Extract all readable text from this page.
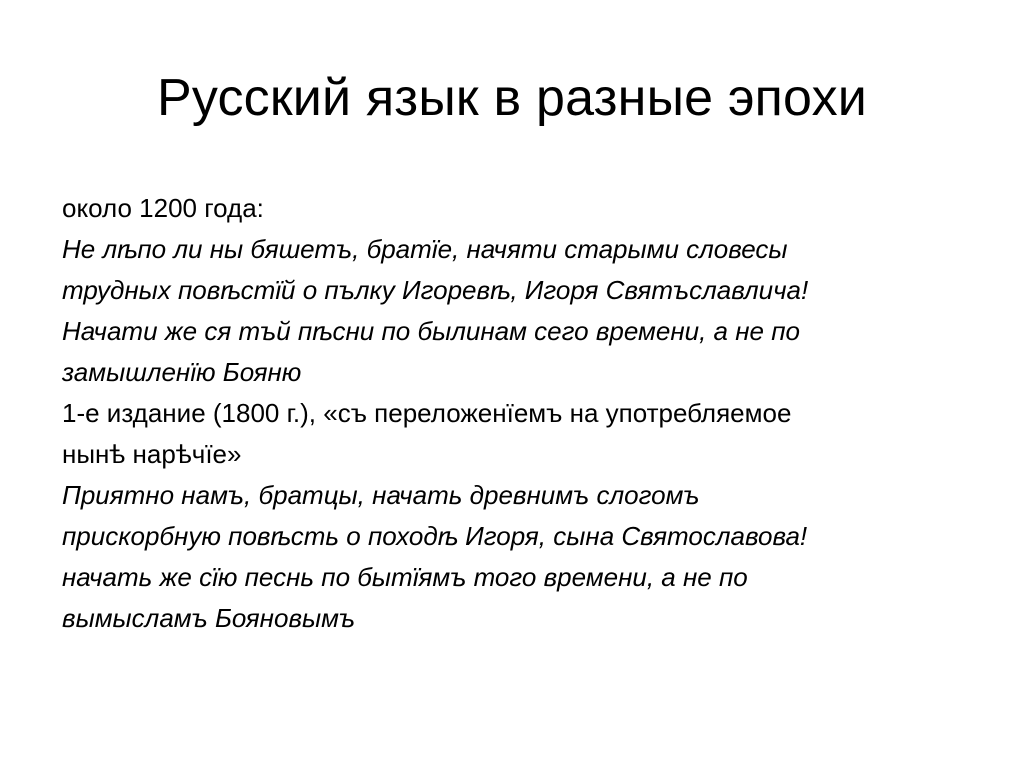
Русский язык в разные эпохи
около 1200 года:
Не лѣпо ли ны бяшетъ, братїе, начяти старыми словесы
трудных повѣстїй о пълку Игоревѣ, Игоря Святъславлича!
Начати же ся тъй пѣсни по былинам сего времени, а не по
замышленїю Бояню
1-е издание (1800 г.), «съ переложенїемъ на употребляемое
нынѣ нарѣчїе»
Приятно намъ, братцы, начать древнимъ слогомъ
прискорбную повѣсть о походѣ Игоря, сына Святославова!
начать же сїю песнь по бытїямъ того времени, а не по
вымысламъ Бояновымъ
